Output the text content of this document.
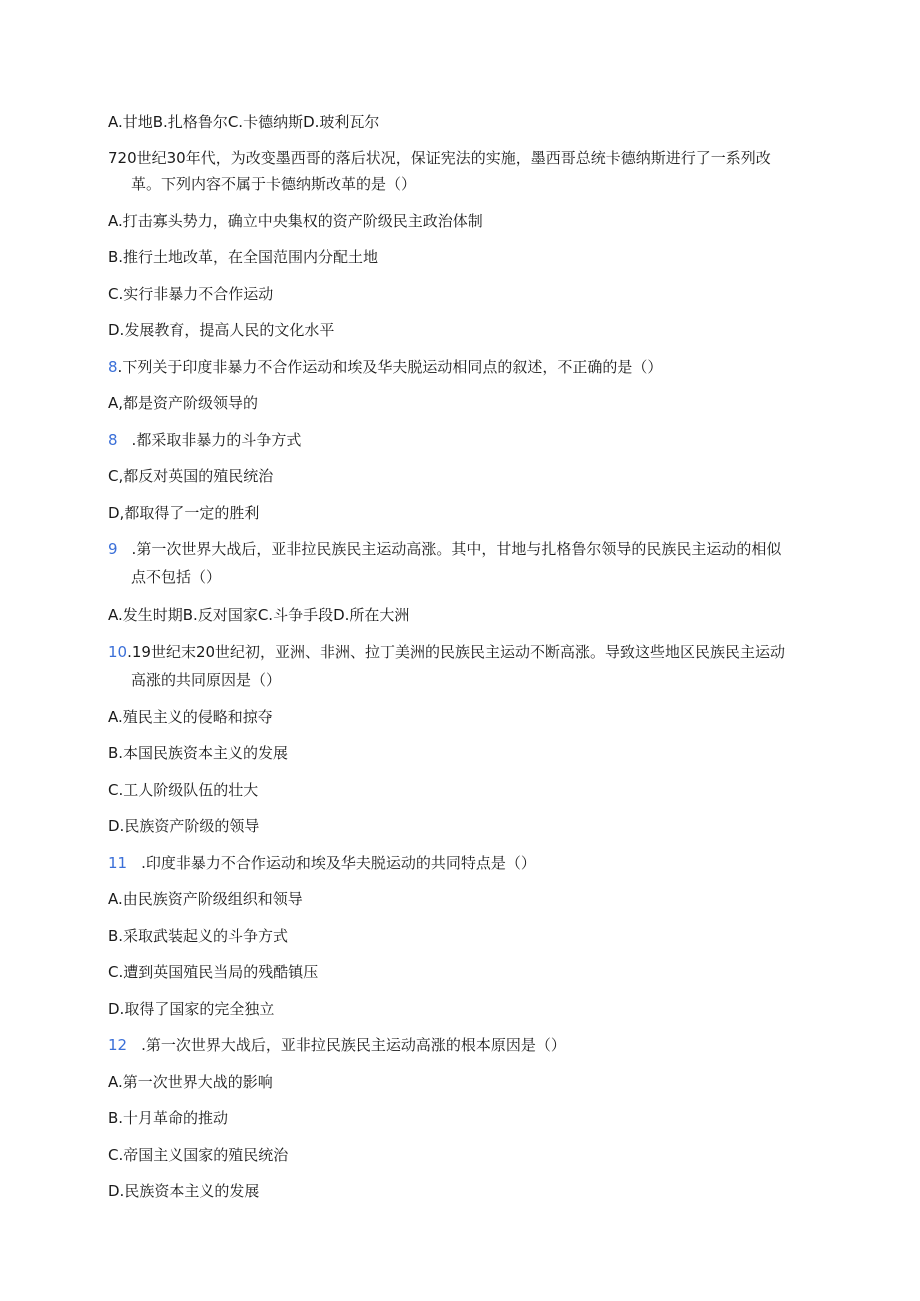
A.甘地B.扎格鲁尔C.卡德纳斯D.玻利瓦尔
720世纪30年代，为改变墨西哥的落后状况，保证宪法的实施，墨西哥总统卡德纳斯进行了一系列改
革。下列内容不属于卡德纳斯改革的是（）
A.打击寡头势力，确立中央集权的资产阶级民主政治体制
B.推行土地改革，在全国范围内分配土地
C.实行非暴力不合作运动
D.发展教育，提高人民的文化水平
8.下列关于印度非暴力不合作运动和埃及华夫脱运动相同点的叙述，不正确的是（）
A,都是资产阶级领导的
8 .都采取非暴力的斗争方式
C,都反对英国的殖民统治
D,都取得了一定的胜利
9 .第一次世界大战后，亚非拉民族民主运动高涨。其中，甘地与扎格鲁尔领导的民族民主运动的相似
点不包括（）
A.发生时期B.反对国家C.斗争手段D.所在大洲
10.19世纪末20世纪初，亚洲、非洲、拉丁美洲的民族民主运动不断高涨。导致这些地区民族民主运动
高涨的共同原因是（）
A.殖民主义的侵略和掠夺
B.本国民族资本主义的发展
C.工人阶级队伍的壮大
D.民族资产阶级的领导
11 .印度非暴力不合作运动和埃及华夫脱运动的共同特点是（）
A.由民族资产阶级组织和领导
B.采取武装起义的斗争方式
C.遭到英国殖民当局的残酷镇压
D.取得了国家的完全独立
12 .第一次世界大战后，亚非拉民族民主运动高涨的根本原因是（）
A.第一次世界大战的影响
B.十月革命的推动
C.帝国主义国家的殖民统治
D.民族资本主义的发展
